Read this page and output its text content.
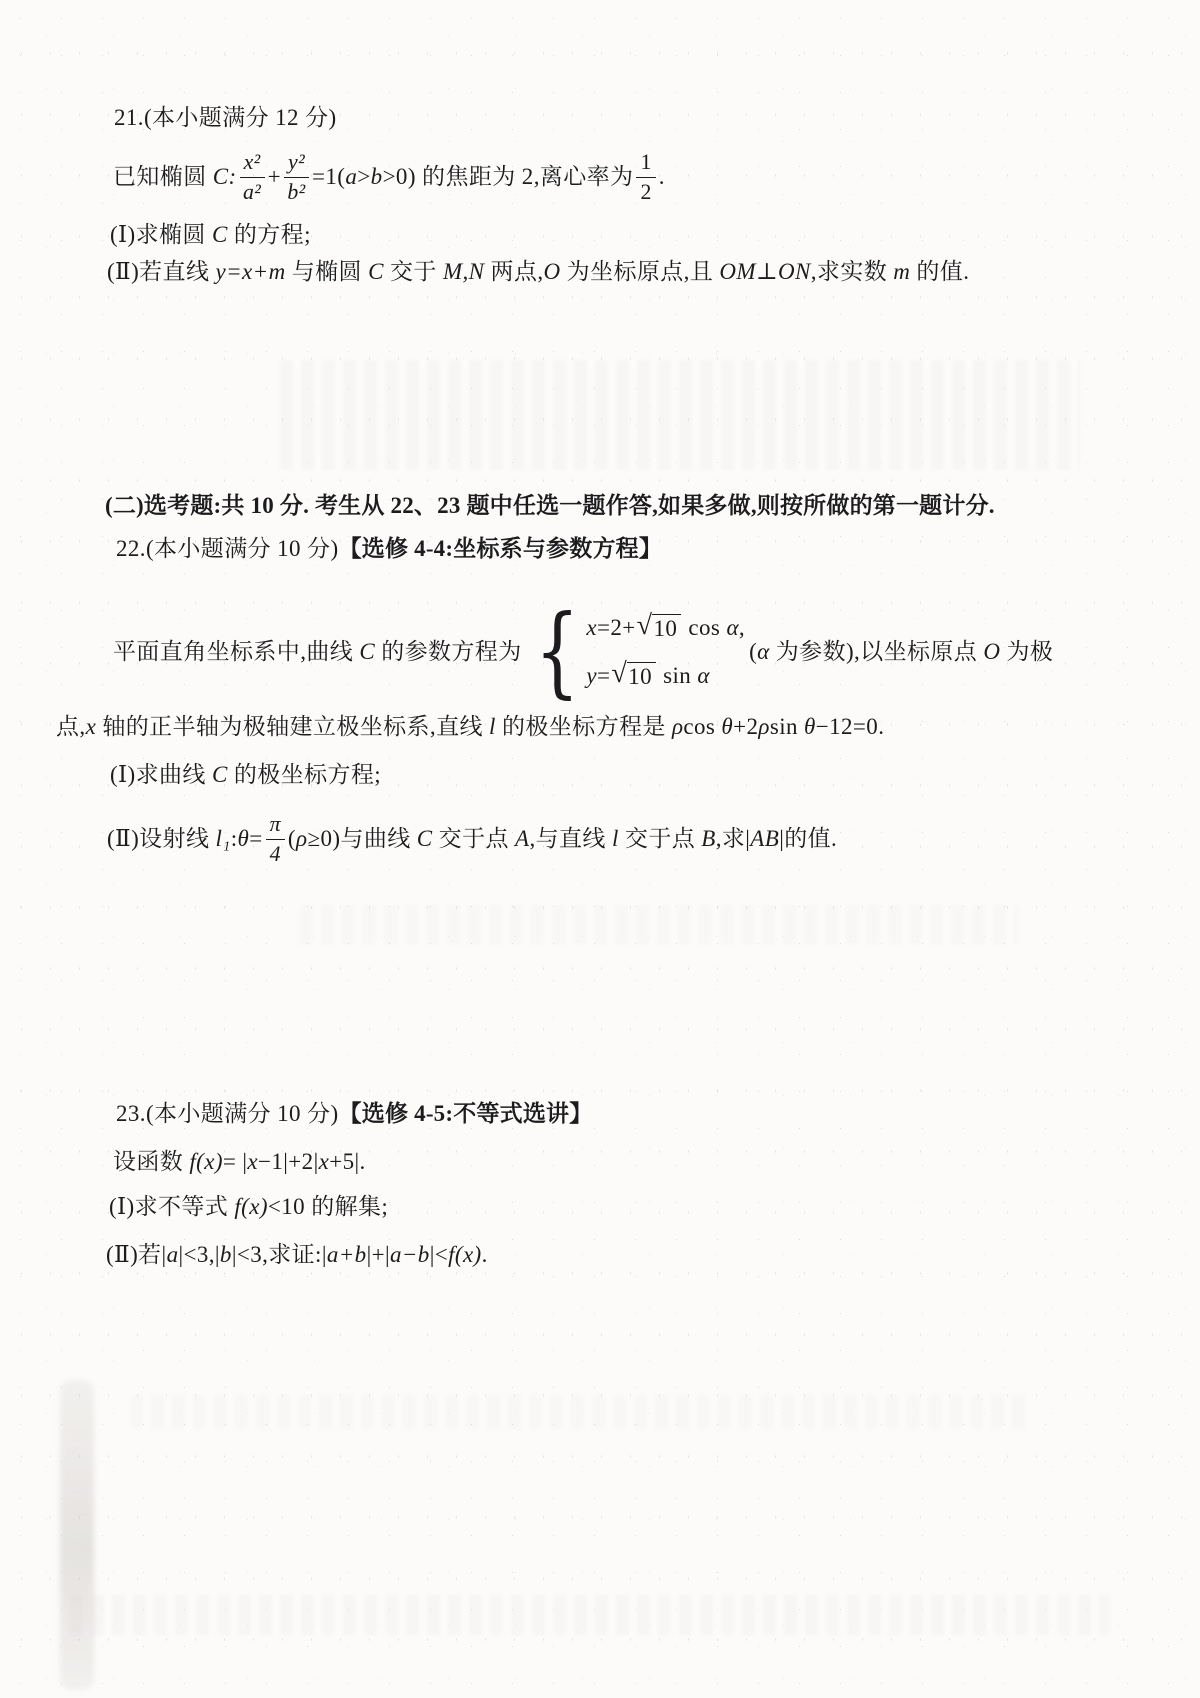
21.(本小题满分 12 分)
已知椭圆 C: $\frac{\text{x²}}{\text{a²}} + \frac{\text{y²}}{\text{b²}} =1$( a > b >0) 的焦距为 2,离心率为 $\frac{1}{2}$ .
(Ⅰ)求椭圆 C 的方程;
(Ⅱ)若直线 y=x+m 与椭圆 C 交于 M,N 两点, O 为坐标原点,且 OM⊥ON ,求实数 m 的值.
(二)选考题:共 10 分. 考生从 22、23 题中任选一题作答,如果多做,则按所做的第一题计分.
22.(本小题满分 10 分) 【选修 4-4:坐标系与参数方程】
平面直角坐标系中,曲线 C 的参数方程为 { x =2+ √ 10 cos α ,
y = √ 10 sin α
( α 为参数),以坐标原点 O 为极
点, x 轴的正半轴为极轴建立极坐标系,直线 l 的极坐标方程是 ρ cos θ +2 ρ sin θ −12=0.
(Ⅰ)求曲线 C 的极坐标方程;
(Ⅱ)设射线 l₁ : $\theta = \frac{\pi}{4}$ ( ρ ≥0)与曲线 C 交于点 A ,与直线 l 交于点 B ,求| AB |的值.
23.(本小题满分 10 分) 【选修 4-5:不等式选讲】
设函数 f(x) = | x −1|+2| x +5|.
(Ⅰ)求不等式 f(x) <10 的解集;
(Ⅱ)若| a |<3,| b |<3,求证:| a+b |+| a−b |< f(x) .
